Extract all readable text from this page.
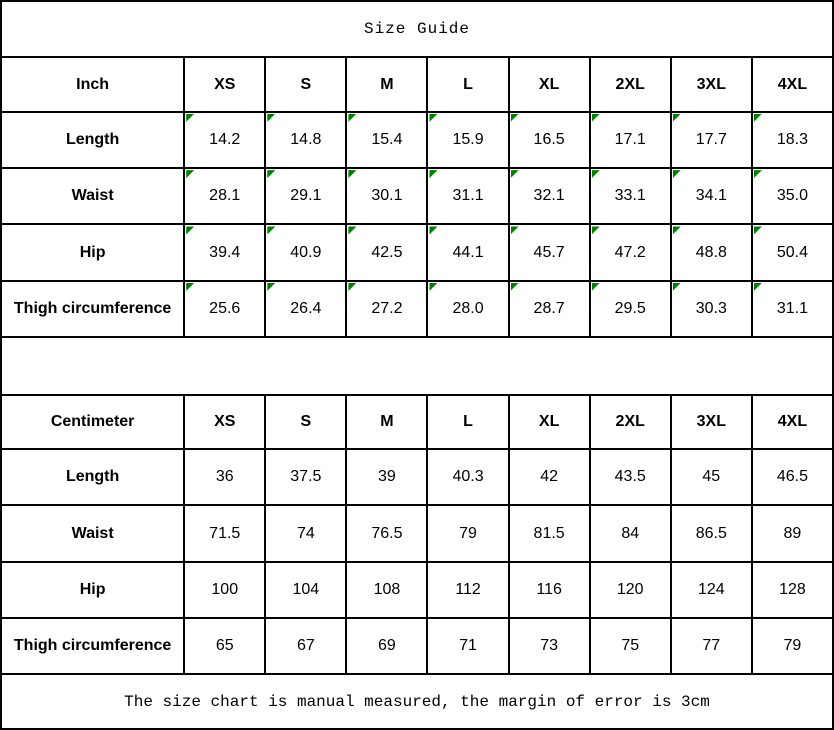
Size Guide								
Inch	XS	S	M	L	XL	2XL	3XL	4XL
Length	14.2	14.8	15.4	15.9	16.5	17.1	17.7	18.3
Waist	28.1	29.1	30.1	31.1	32.1	33.1	34.1	35.0
Hip	39.4	40.9	42.5	44.1	45.7	47.2	48.8	50.4
Thigh circumference	25.6	26.4	27.2	28.0	28.7	29.5	30.3	31.1

Centimeter	XS	S	M	L	XL	2XL	3XL	4XL
Length	36	37.5	39	40.3	42	43.5	45	46.5
Waist	71.5	74	76.5	79	81.5	84	86.5	89
Hip	100	104	108	112	116	120	124	128
Thigh circumference	65	67	69	71	73	75	77	79
The size chart is manual measured, the margin of error is 3cm								
